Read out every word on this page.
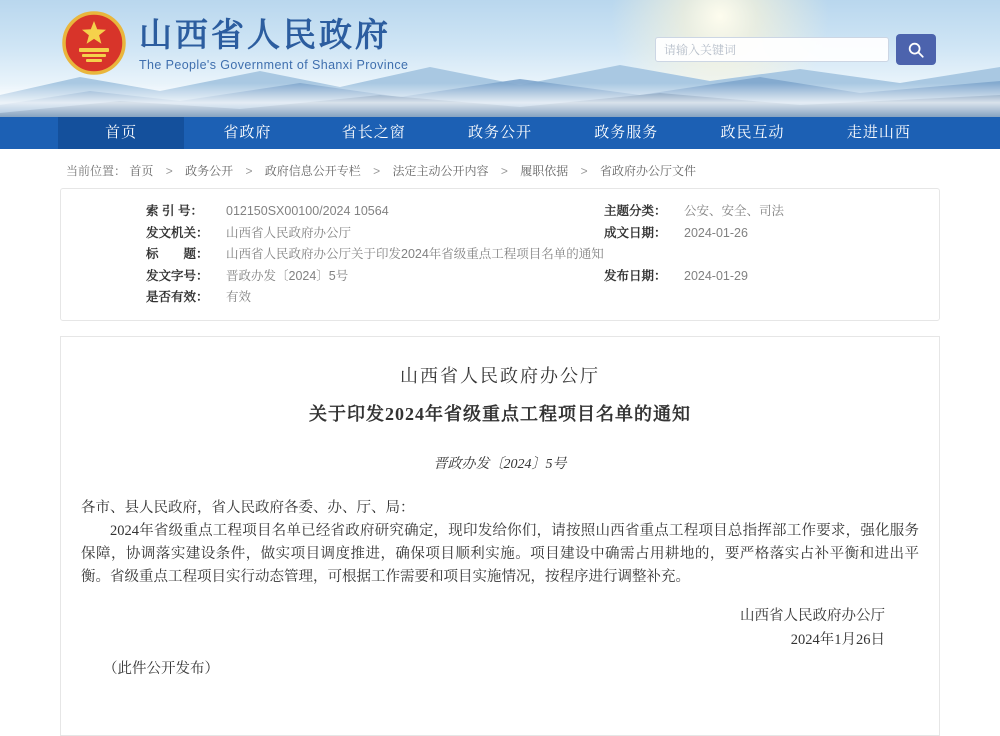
山西省人民政府
The People's Government of Shanxi Province
请输入关键词
首页	省政府	省长之窗	政务公开	政务服务	政民互动	走进山西
当前位置： 首页 > 政务公开 > 政府信息公开专栏 > 法定主动公开内容 > 履职依据 > 省政府办公厅文件
索 引 号：	012150SX00100/2024 10564
发文机关：	山西省人民政府办公厅
标　　题：	山西省人民政府办公厅关于印发2024年省级重点工程项目名单的通知
发文字号：	晋政办发〔2024〕5号
是否有效：	有效
主题分类：	公安、安全、司法
成文日期：	2024-01-26
发布日期：	2024-01-29
山西省人民政府办公厅
关于印发2024年省级重点工程项目名单的通知
晋政办发〔2024〕5号
各市、县人民政府，省人民政府各委、办、厅、局：
2024年省级重点工程项目名单已经省政府研究确定，现印发给你们，请按照山西省重点工程项目总指挥部工作要求，强化服务保障，协调落实建设条件，做实项目调度推进，确保项目顺利实施。项目建设中确需占用耕地的，要严格落实占补平衡和进出平衡。省级重点工程项目实行动态管理，可根据工作需要和项目实施情况，按程序进行调整补充。
山西省人民政府办公厅
2024年1月26日
（此件公开发布）
